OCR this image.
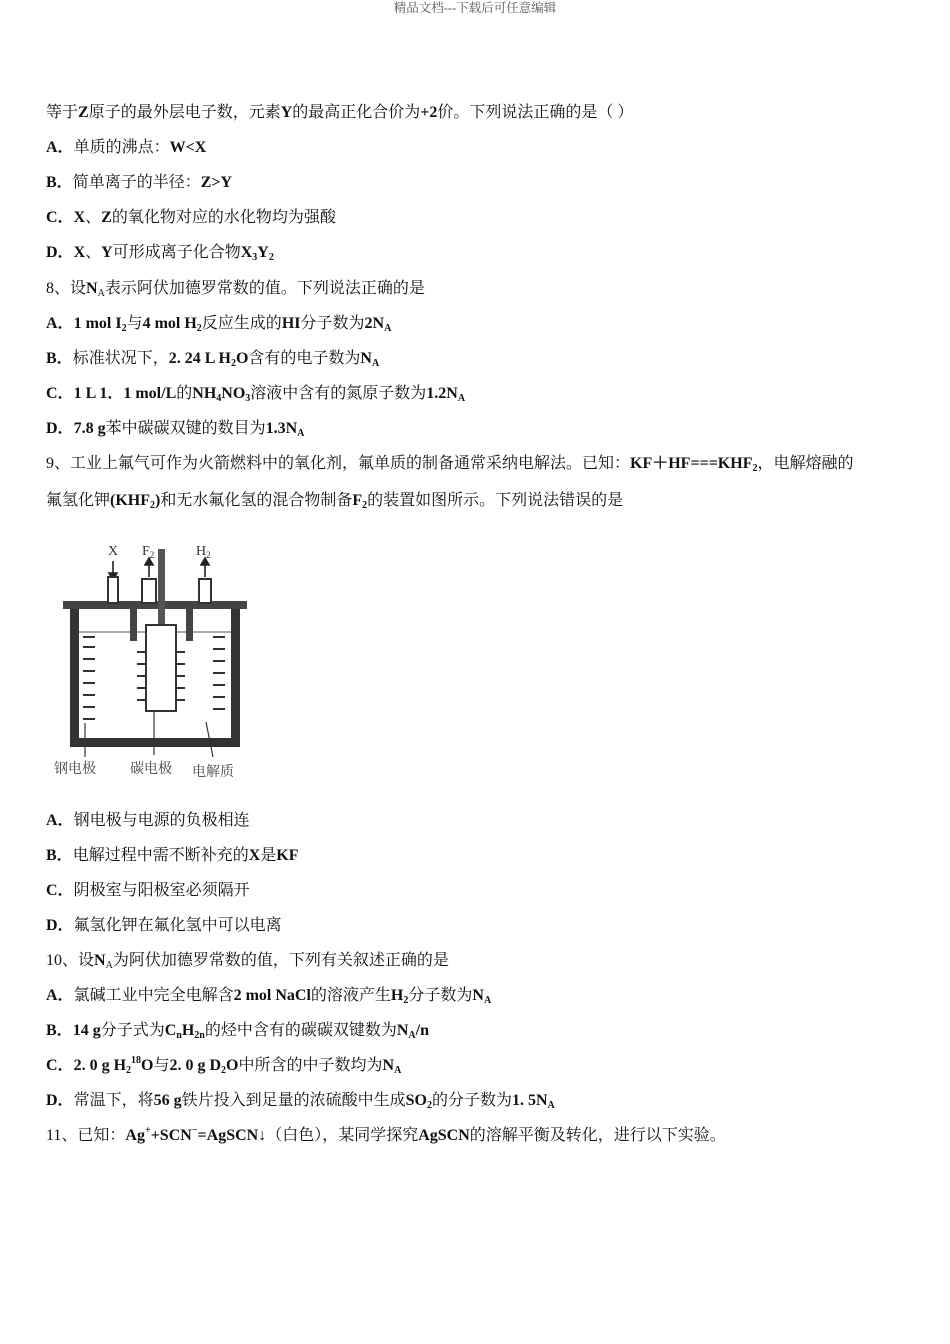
精品文档---下载后可任意编辑
等于Z原子的最外层电子数，元素Y的最高正化合价为+2价。下列说法正确的是（ ）
A．单质的沸点：W<X
B．简单离子的半径：Z>Y
C．X、Z的氧化物对应的水化物均为强酸
D．X、Y可形成离子化合物$X_3Y_2$
8、设$N_A$表示阿伏加德罗常数的值。下列说法正确的是
A．1 mol $I_2$与4 mol $H_2$反应生成的HI分子数为$2N_A$
B．标准状况下，2. 24 L $H_2O$含有的电子数为$N_A$
C．1 L 1．1 mol/L的$NH_4NO_3$溶液中含有的氮原子数为$1.2N_A$
D．7.8 g苯中碳碳双键的数目为$1.3N_A$
9、工业上氟气可作为火箭燃料中的氧化剂，氟单质的制备通常采纳电解法。已知：$KF+HF===KHF_2$，电解熔融的
氟氢化钾$(KHF_2)$和无水氟化氢的混合物制备$F_2$的装置如图所示。下列说法错误的是
X $F_2$	$H_2$
钢电极 碳电极 电解质
A．钢电极与电源的负极相连
B．电解过程中需不断补充的X是KF
C．阴极室与阳极室必须隔开
D．氟氢化钾在氟化氢中可以电离
10、设$N_A$为阿伏加德罗常数的值，下列有关叙述正确的是
A．氯碱工业中完全电解含2 mol NaCl的溶液产生$H_2$分子数为$N_A$
B．14 g分子式为$C_nH_{2n}$的烃中含有的碳碳双键数为$N_A/n$
C．2. 0 g $H_2^{18}O$与2. 0 g $D_2O$中所含的中子数均为$N_A$
D．常温下，将56 g铁片投入到足量的浓硫酸中生成$SO_2$的分子数为1. $5N_A$
11、已知：Ag++SCN−=AgSCN↓（白色），某同学探究AgSCN的溶解平衡及转化，进行以下实验。
